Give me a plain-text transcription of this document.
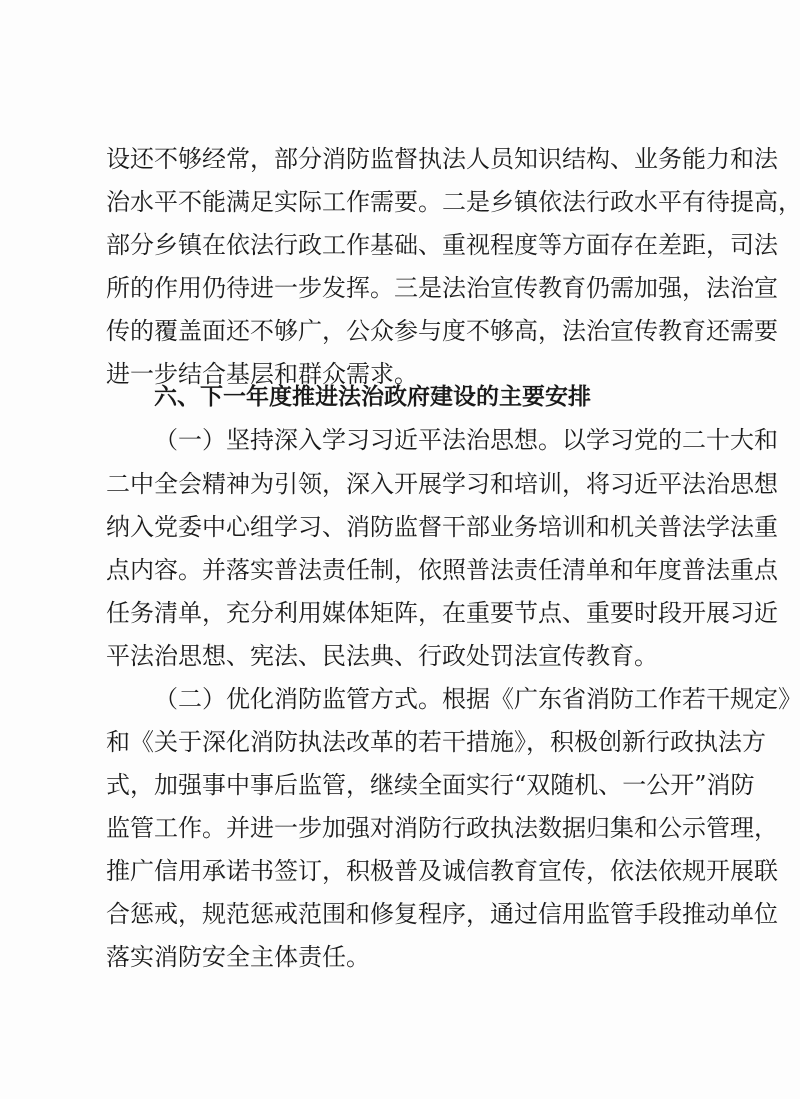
设还不够经常，部分消防监督执法人员知识结构、业务能力和法
治水平不能满足实际工作需要。二是乡镇依法行政水平有待提高，
部分乡镇在依法行政工作基础、重视程度等方面存在差距，司法
所的作用仍待进一步发挥。三是法治宣传教育仍需加强，法治宣
传的覆盖面还不够广，公众参与度不够高，法治宣传教育还需要
进一步结合基层和群众需求。
六、下一年度推进法治政府建设的主要安排
（一）坚持深入学习习近平法治思想。以学习党的二十大和
二中全会精神为引领，深入开展学习和培训，将习近平法治思想
纳入党委中心组学习、消防监督干部业务培训和机关普法学法重
点内容。并落实普法责任制，依照普法责任清单和年度普法重点
任务清单，充分利用媒体矩阵，在重要节点、重要时段开展习近
平法治思想、宪法、民法典、行政处罚法宣传教育。
（二）优化消防监管方式。根据《广东省消防工作若干规定》
和《关于深化消防执法改革的若干措施》，积极创新行政执法方
式，加强事中事后监管，继续全面实行“双随机、一公开”消防
监管工作。并进一步加强对消防行政执法数据归集和公示管理，
推广信用承诺书签订，积极普及诚信教育宣传，依法依规开展联
合惩戒，规范惩戒范围和修复程序，通过信用监管手段推动单位
落实消防安全主体责任。
